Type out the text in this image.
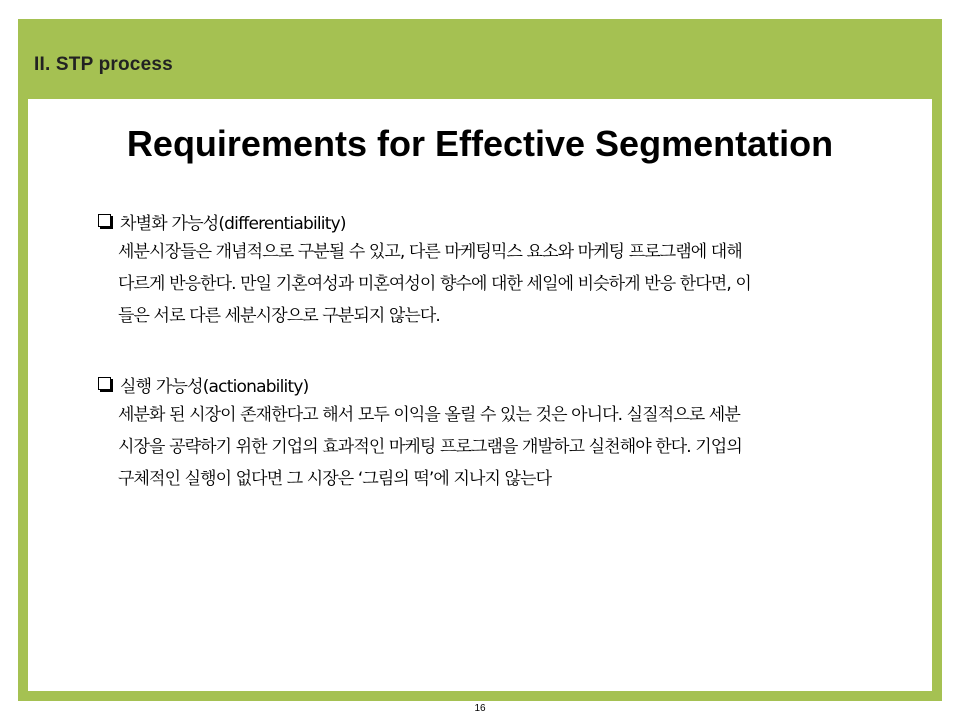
II. STP process
Requirements for Effective Segmentation
차별화 가능성(differentiability)
세분시장들은 개념적으로 구분될 수 있고, 다른 마케팅믹스 요소와 마케팅 프로그램에 대해
다르게 반응한다. 만일 기혼여성과 미혼여성이 향수에 대한 세일에 비슷하게 반응 한다면, 이
들은 서로 다른 세분시장으로 구분되지 않는다.
실행 가능성(actionability)
세분화 된 시장이 존재한다고 해서 모두 이익을 올릴 수 있는 것은 아니다. 실질적으로 세분
시장을 공략하기 위한 기업의 효과적인 마케팅 프로그램을 개발하고 실천해야 한다. 기업의
구체적인 실행이 없다면 그 시장은 ‘그림의 떡’에 지나지 않는다
16
